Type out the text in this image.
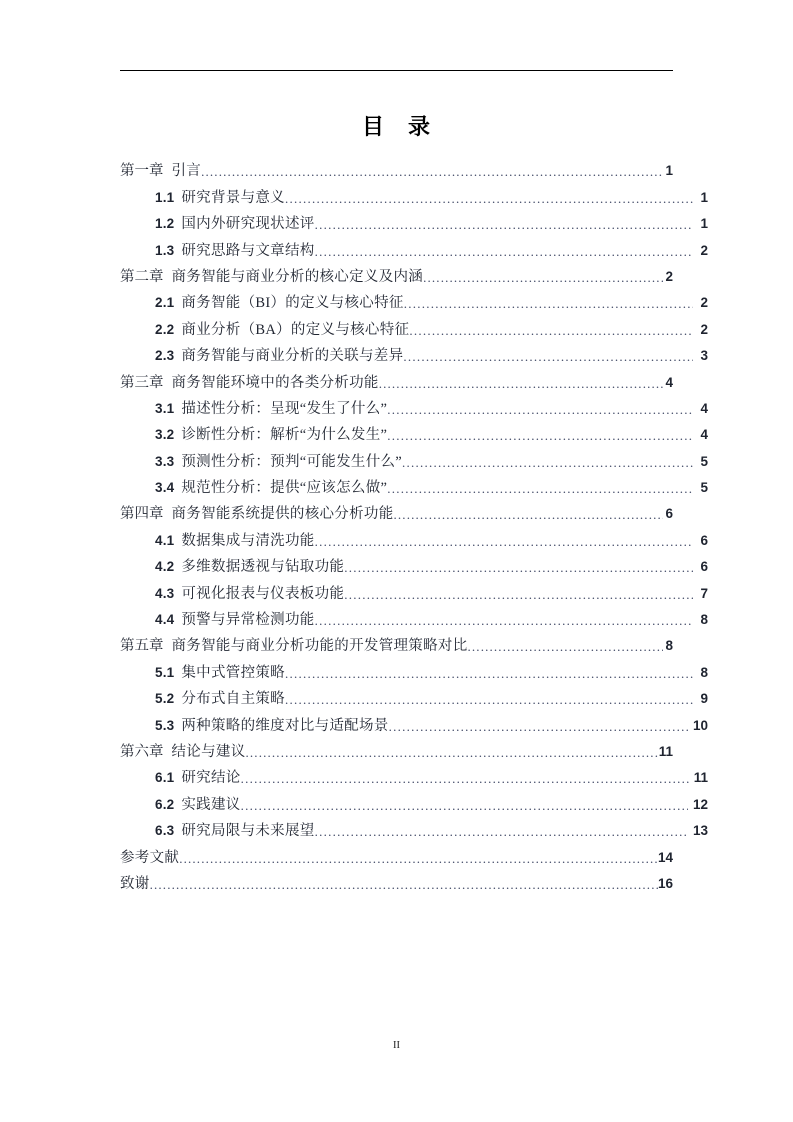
目　录
第一章 引言 .....	1
1.1 研究背景与意义 .....	1
1.2 国内外研究现状述评 .....	1
1.3 研究思路与文章结构 .....	2
第二章 商务智能与商业分析的核心定义及内涵 .....	2
2.1 商务智能（BI）的定义与核心特征 .....	2
2.2 商业分析（BA）的定义与核心特征 .....	2
2.3 商务智能与商业分析的关联与差异 .....	3
第三章 商务智能环境中的各类分析功能 .....	4
3.1 描述性分析：呈现“发生了什么” .....	4
3.2 诊断性分析：解析“为什么发生” .....	4
3.3 预测性分析：预判“可能发生什么” .....	5
3.4 规范性分析：提供“应该怎么做” .....	5
第四章 商务智能系统提供的核心分析功能 .....	6
4.1 数据集成与清洗功能 .....	6
4.2 多维数据透视与钻取功能 .....	6
4.3 可视化报表与仪表板功能 .....	7
4.4 预警与异常检测功能 .....	8
第五章 商务智能与商业分析功能的开发管理策略对比 .....	8
5.1 集中式管控策略 .....	8
5.2 分布式自主策略 .....	9
5.3 两种策略的维度对比与适配场景 .....	10
第六章 结论与建议 .....	11
6.1 研究结论 .....	11
6.2 实践建议 .....	12
6.3 研究局限与未来展望 .....	13
参考文献 .....	14
致谢 .....	16
II
